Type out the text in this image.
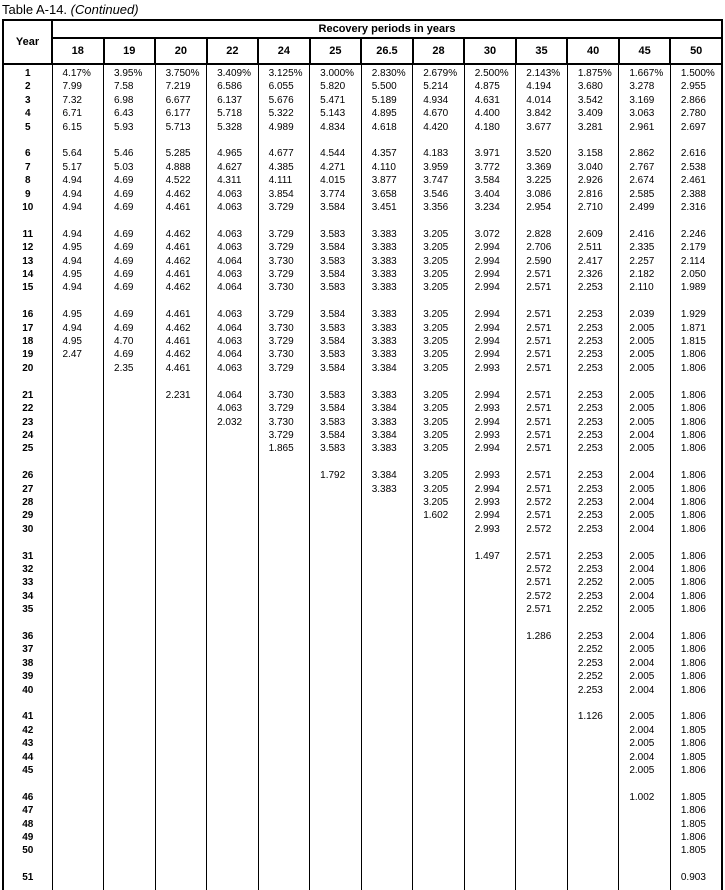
Table A-14. (Continued)
Year	Recovery periods in years												
	18	19	20	22	24	25	26.5	28	30	35	40	45	50
1	4.17%	3.95%	3.750%	3.409%	3.125%	3.000%	2.830%	2.679%	2.500%	2.143%	1.875%	1.667%	1.500%
2	7.99	7.58	7.219	6.586	6.055	5.820	5.500	5.214	4.875	4.194	3.680	3.278	2.955
3	7.32	6.98	6.677	6.137	5.676	5.471	5.189	4.934	4.631	4.014	3.542	3.169	2.866
4	6.71	6.43	6.177	5.718	5.322	5.143	4.895	4.670	4.400	3.842	3.409	3.063	2.780
5	6.15	5.93	5.713	5.328	4.989	4.834	4.618	4.420	4.180	3.677	3.281	2.961	2.697

6	5.64	5.46	5.285	4.965	4.677	4.544	4.357	4.183	3.971	3.520	3.158	2.862	2.616
7	5.17	5.03	4.888	4.627	4.385	4.271	4.110	3.959	3.772	3.369	3.040	2.767	2.538
8	4.94	4.69	4.522	4.311	4.111	4.015	3.877	3.747	3.584	3.225	2.926	2.674	2.461
9	4.94	4.69	4.462	4.063	3.854	3.774	3.658	3.546	3.404	3.086	2.816	2.585	2.388
10	4.94	4.69	4.461	4.063	3.729	3.584	3.451	3.356	3.234	2.954	2.710	2.499	2.316

11	4.94	4.69	4.462	4.063	3.729	3.583	3.383	3.205	3.072	2.828	2.609	2.416	2.246
12	4.95	4.69	4.461	4.063	3.729	3.584	3.383	3.205	2.994	2.706	2.511	2.335	2.179
13	4.94	4.69	4.462	4.064	3.730	3.583	3.383	3.205	2.994	2.590	2.417	2.257	2.114
14	4.95	4.69	4.461	4.063	3.729	3.584	3.383	3.205	2.994	2.571	2.326	2.182	2.050
15	4.94	4.69	4.462	4.064	3.730	3.583	3.383	3.205	2.994	2.571	2.253	2.110	1.989

16	4.95	4.69	4.461	4.063	3.729	3.584	3.383	3.205	2.994	2.571	2.253	2.039	1.929
17	4.94	4.69	4.462	4.064	3.730	3.583	3.383	3.205	2.994	2.571	2.253	2.005	1.871
18	4.95	4.70	4.461	4.063	3.729	3.584	3.383	3.205	2.994	2.571	2.253	2.005	1.815
19	2.47	4.69	4.462	4.064	3.730	3.583	3.383	3.205	2.994	2.571	2.253	2.005	1.806
20		2.35	4.461	4.063	3.729	3.584	3.384	3.205	2.993	2.571	2.253	2.005	1.806

21			2.231	4.064	3.730	3.583	3.383	3.205	2.994	2.571	2.253	2.005	1.806
22				4.063	3.729	3.584	3.384	3.205	2.993	2.571	2.253	2.005	1.806
23				2.032	3.730	3.583	3.383	3.205	2.994	2.571	2.253	2.005	1.806
24					3.729	3.584	3.384	3.205	2.993	2.571	2.253	2.004	1.806
25					1.865	3.583	3.383	3.205	2.994	2.571	2.253	2.005	1.806

26						1.792	3.384	3.205	2.993	2.571	2.253	2.004	1.806
27							3.383	3.205	2.994	2.571	2.253	2.005	1.806
28								3.205	2.993	2.572	2.253	2.004	1.806
29								1.602	2.994	2.571	2.253	2.005	1.806
30									2.993	2.572	2.253	2.004	1.806

31									1.497	2.571	2.253	2.005	1.806
32										2.572	2.253	2.004	1.806
33										2.571	2.252	2.005	1.806
34										2.572	2.253	2.004	1.806
35										2.571	2.252	2.005	1.806

36										1.286	2.253	2.004	1.806
37											2.252	2.005	1.806
38											2.253	2.004	1.806
39											2.252	2.005	1.806
40											2.253	2.004	1.806

41											1.126	2.005	1.806
42												2.004	1.805
43												2.005	1.806
44												2.004	1.805
45												2.005	1.806

46												1.002	1.805
47													1.806
48													1.805
49													1.806
50													1.805

51													0.903
